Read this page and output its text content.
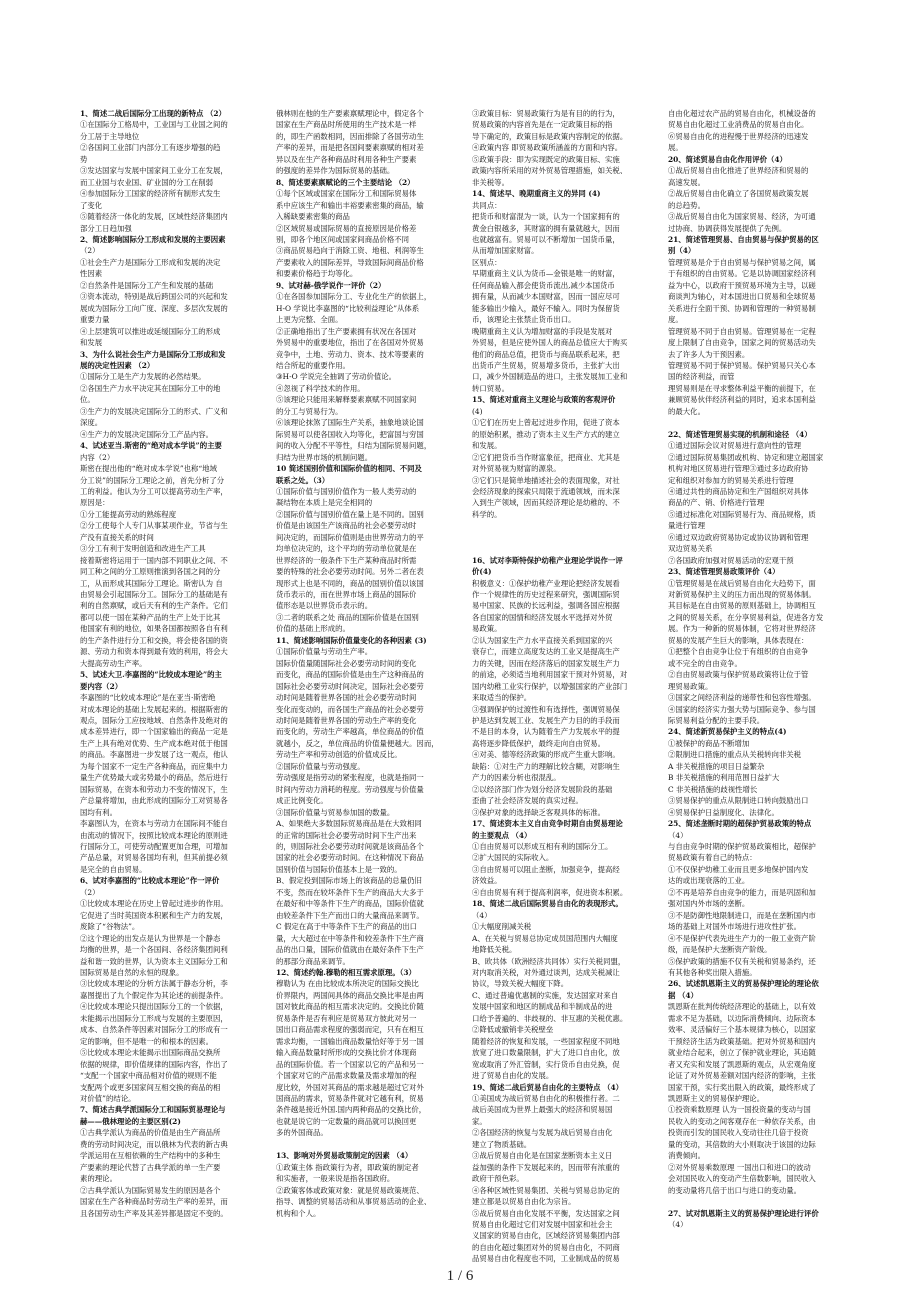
1、简述二战后国际分工出现的新特点 （2）
①在国际分工格局中，工业国与工业国之间的
分工居于主导地位
②各国间工业部门内部分工有逐步增强的趋
势
③发达国家与发展中国家间工业分工在发展，
而工业国与农业国、矿业国的分工在削弱
④参加国际分工国家的经济所有制形式发生
了变化
⑤随着经济一体化的发展，区域性经济集团内
部分工日趋加强
2、简述影响国际分工形成和发展的主要因素
（2）
①社会生产力是国际分工形成和发展的决定
性因素
②自然条件是国际分工产生和发展的基础
③资本流动，特别是战后跨国公司的兴起和发
展成为国际分工向广度、深度、多层次发展的
重要力量
④上层建筑可以推进或延缓国际分工的形成
和发展
3、为什么说社会生产力是国际分工形成和发
展的决定性因素 （2）
①国际分工是生产力发展的必然结果。
②各国生产力水平决定其在国际分工中的地
位。
③生产力的发展决定国际分工的形式、广义和
深度。
④生产力的发展决定国际分工产品内容。
4、试述亚当.斯密的“绝对成本学说”的主要
内容（2）
斯密在提出他的“绝对成本学说”也称“地域
分工说”的国际分工理论之前，首先分析了分
工的利益。他认为分工可以提高劳动生产率，
原因是：
①分工能提高劳动的熟练程度
②分工使每个人专门从事某项作业，节省与生
产没有直接关系的时间
③分工有利于发明创造和改进生产工具
接着斯密将运用于一国内部不同职业之间、不
同工种之间的分工原则推演到各国之间的分
工，从而形成其国际分工理论。斯密认为 自
由贸易会引起国际分工。国际分工的基础是有
利的自然禀赋，或后天有利的生产条件。它们
都可以使一国在某种产品的生产上处于比其
他国家有利的地位，如果各国都按照各自有利
的生产条件进行分工和交换，将会使各国的资
源、劳动力和资本得到最有效的利用，将会大
大提高劳动生产率。
5、试述大卫.李嘉图的“比较成本理论”的主
要内容（2）
李嘉图的“比较成本理论”是在亚当·斯密绝
对成本理论的基础上发展起来的。根据斯密的
观点，国际分工应按地域、自然条件及绝对的
成本差异进行，即一个国家输出的商品一定是
生产上具有绝对优势、生产成本绝对低于他国
的商品。李嘉图进一步发展了这一观点，他认
为每个国家不一定生产各种商品，而应集中力
量生产优势最大或劣势最小的商品，然后进行
国际贸易，在资本和劳动力不变的情况下，生
产总量将增加，由此形成的国际分工对贸易各
国均有利。
李嘉图认为，在资本与劳动力在国际间不能自
由流动的情况下，按照比较成本理论的原则进
行国际分工，可使劳动配置更加合理，可增加
产品总量，对贸易各国均有利，但其前提必须
是完全的自由贸易。
6、试对李嘉图的“比较成本理论”作一评价
（2）
①比较成本理论在历史上曾起过进步的作用。
它促进了当时英国资本积累和生产力的发展，
废除了“谷物法”。
②这个理论的出发点是认为世界是一个静态
均衡的世界，是一个各国间、各经济集团间利
益和谐一致的世界，认为资本主义国际分工和
国际贸易是自然的永恒的现象。
③比较成本理论的分析方法属于静态分析，李
嘉图提出了九个假定作为其论述的前提条件。
④比较成本理论只提出国际分工的一个依据，
未能揭示出国际分工形成与发展的主要原因，
成本、自然条件等因素对国际分工的形成有一
定的影响，但不是唯一的和根本的因素。
⑤比较成本理论未能揭示出国际商品交换所
依据的规律，即价值规律的国际内容，作出了
“支配一个国家中商品相对价值的规则不能
支配两个或更多国家间互相交换的商品的相
对价值”的结论。
7、简述古典学派国际分工和国际贸易理论与
赫——俄林理论的主要区别(2)
①古典学派认为商品的价值是由生产商品所
费的劳动时间决定，而以俄林为代表的新古典
学派运用在互相依赖的生产结构中的多种生
产要素的理论代替了古典学派的单一生产要
素的理论。
②古典学派认为国际贸易发生的原因是各个
国家在生产各种商品时劳动生产率的差异，而
且各国劳动生产率及其差异都是固定不变的。
俄林则在他的生产要素禀赋理论中，假定各个
国家在生产商品时所使用的生产技术是一样
的，即生产函数相同，因而排除了各国劳动生
产率的差异，而是把各国间要素禀赋的相对差
异以及在生产各种商品时利用各种生产要素
的强度的差异作为国际贸易的基础。
8、简述要素禀赋论的三个主要结论 （2）
①每个区域或国家在国际分工和国际贸易体
系中应该生产和输出丰裕要素密集的商品，输
入稀缺要素密集的商品
②区域贸易或国际贸易的直接原因是价格差
别，即各个地区间或国家间商品价格不同
③商品贸易趋向于消除工资、地租、利润等生
产要素收入的国际差异，导致国际间商品价格
和要素价格趋于均等化。
9、试对赫-俄学说作一评价（2）
①在各国参加国际分工、专业化生产的依据上，
H-O 学说比李嘉图的“比较利益理论”从体系
上更为完整、全面。
②正确地指出了生产要素拥有状况在各国对
外贸易中的重要地位，指出了在各国对外贸易
竞争中，土地、劳动力、资本、技术等要素的
结合所起的重要作用。
③H-O 学说完全抽调了劳动价值论。
④忽视了科学技术的作用。
⑤该理论只能用来解释要素禀赋不同国家间
的分工与贸易行为。
⑥该理论抹煞了国际生产关系，抽象地谈论国
际贸易可以使各国收入均等化，把富国与穷国
间的收入分配不平等性，归结为国际贸易问题，
归结为世界市场的机制问题。
10 简述国别价值和国际价值的相同、不同及
联系之处。（3）
①国际价值与国别价值作为一般人类劳动的
凝结物在本质上是完全相同的
②国际价值与国别价值在量上是不同的。国别
价值是由该国生产该商品的社会必要劳动时
间决定的，而国际价值则是由世界劳动力的平
均单位决定的，这个平均的劳动单位就是在
世界经济的一般条件下生产某种商品时所需
要的特殊的社会必要劳动时间。另外二者在表
现形式上也是不同的，商品的国别价值以该国
货币表示的，而在世界市场上商品的国际价
值形态是以世界货币表示的。
③二者的联系之处 商品的国际价值是在国别
价值的基础上形成的。
11、简述影响国际价值量变化的各种因素 (3)
①国际价值量与劳动生产率。
国际价值量随国际社会必要劳动时间的变化
而变化，商品的国际价值是由生产这种商品的
国际社会必要劳动时间决定，国际社会必要劳
动时间是随着世界各国的社会必要劳动时间
变化而变动的，而各国生产商品的社会必要劳
动时间是随着世界各国的劳动生产率的变化
而变化的，劳动生产率越高，单位商品的价值
就越小，反之，单位商品的价值量便越大。因而，
劳动生产率和劳动创造的价值成反比。
②国际价值量与劳动强度。
劳动强度是指劳动的紧张程度，也就是指同一
时间内劳动力消耗的程度。劳动强度与价值量
成正比例变化。
③国际价值量与贸易参加国的数量。
A、如果绝大多数国际贸易商品是在大致相同
的正常的国际社会必要劳动时间下生产出来
的，则国际社会必要劳动时间就是该商品各个
国家的社会必要劳动时间。在这种情况下商品
国别价值与国际价值基本上是一致的。
B、假定投到国际市场上的该商品的总量仍旧
不变，然而在较坏条件下生产的商品大大多于
在最好和中等条件下生产的商品，国际价值就
由较差条件下生产而出口的大量商品来调节。
C 假定在高于中等条件下生产的商品的出口
量，大大超过在中等条件和较差条件下生产商
品的出口量，国际价值就由在最好条件下生产
的那部分商品来调节。
12、简述约翰.穆勒的相互需求原理。（3）
穆勒认为 在由比较成本所决定的国际交换比
价界限内，两国间具体的商品交换比率是由两
国对彼此商品的相互需求决定的。交换比价随
贸易条件是否有利应是贸易双方彼此对另一
国出口商品需求程度的强弱而定，只有在相互
需求均衡，一国输出商品数量恰好等于另一国
输入商品数量时所形成的交换比价才体现商
品的国际价值。若一个国家以它的产品和另一
个国家对它的产品需求数量及需求增加的程
度比较，外国对其商品的需求越是超过它对外
国商品的需求，贸易条件就对它越有利，贸易
条件越是接近外国.国内两种商品的交换比价，
也就是说它的一定数量的商品就可以换回更
多的外国商品。

13、影响对外贸易政策制定的因素 （4）
①政策主体 指政策行为者，即政策的制定者
和实施者，一般来说是指各国政府。
②政策客体或政策对象：就是贸易政策规范、
指导、调整的贸易活动和从事贸易活动的企业、
机构和个人。
③政策目标：贸易政策行为是有目的的行为，
贸易政策的内容首先是在一定政策目标的指
导下确定的，政策目标是政策内容制定的依据。
④政策内容 即贸易政策所涵盖的方面和内容。
⑤政策手段：即为实现既定的政策目标、实施
政策内容所采用的对外贸易管理措施，如关税、
非关税等。
14、简述早、晚期重商主义的异同 (4)
共同点：
把货币和财富混为一谈，认为一个国家拥有的
黄金白银越多，其财富的拥有量就越大，因而
也就越富有。贸易可以不断增加一国货币量，
从而增加国家财富。
区别点：
早期重商主义认为货币—金银是唯一的财富，
任何商品输入都会使货币流出,减少本国货币
拥有量，从而减少本国财富，因而一国应尽可
能多输出少输入，最好不输入。同时为保留货
币，该理论主张禁止货币出口。
晚期重商主义认为增加财富的手段是发展对
外贸易，但是应使外国人的商品总值应大于购买
他们的商品总值，把货币与商品联系起来，把
出货币产生贸易，贸易增多货币，主张扩大出
口，减少外国制造品的进口，主张发展加工业和
转口贸易。
15、简述对重商主义理论与政策的客观评价
(4)
①它们在历史上曾起过进步作用，促进了资本
的原始积累，推动了资本主义生产方式的建立
和发展。
②它们把货币当作财富象征，把商业、尤其是
对外贸易视为财富的源泉。
③它们只是简单地描述社会的表面现象，对社
会经济现象的探索只局限于流通领域，而未深
入到生产领域，因而其经济理论是幼稚的、不
科学的。

16、试对李斯特保护幼稚产业理论学说作一评
价(4)
积极意义：①保护幼稚产业理论把经济发展看
作一个规律性的历史过程来研究，强调国际贸
易中国家、民族的长远利益，强调各国应根据
各自国家的国情和经济发展水平选择对外贸
易政策。
②认为国家生产力水平直接关系到国家的兴
衰存亡，而建立高度发达的工业又是提高生产
力的关键，因而在经济落后的国家发展生产力
的前途，必须适当地利用国家干预对外贸易，对
国内幼稚工业实行保护，以增强国家的产业部门
来取适当的保护。
③强调保护的过渡性和有选择性，强调贸易保
护是达到发展工业、发展生产力目的的手段而
不是目的本身，认为随着生产力发展水平的提
高将逐步降低保护，最终走向自由贸易。
④对美、德等经济政策的形成产生重大影响。
缺陷：①对生产力的理解比较含糊，对影响生
产力的因素分析也很混乱。
②以经济部门作为划分经济发展阶段的基础
歪曲了社会经济发展的真实过程。
③保护对象的选择缺乏客观具体的标准。
17、简述资本主义自由竞争时期自由贸易理论
的主要观点 （4）
①自由贸易可以形成互相有利的国际分工。
②扩大国民的实际收入。
③自由贸易可以阻止垄断，加强竞争，提高经
济效益。
④自由贸易有利于提高利润率，促进资本积累。
18、简述二战后国际贸易自由化的表现形式。
（4）
①大幅度削减关税
A、在关税与贸易总协定成员国范围内大幅度
地降低关税。
B、欧共体（欧洲经济共同体）实行关税同盟，
对内取消关税，对外通过谈判，达成关税减让
协议，导致关税大幅度下降。
C、通过普遍优惠制的实施，发达国家对来自
发展中国家和地区的制成品和半制成品的进
口给予普遍的、非歧视的、非互惠的关税优惠。
②降低或撤销非关税壁垒
随着经济的恢复和发展，一些国家程度不同地
放宽了进口数量限制，扩大了进口自由化，放
宽或取消了外汇管制，实行货币自由兑换，促
进了贸易自由化的发展。
19、简述二战后贸易自由化的主要特点 （4）
①美国成为战后贸易自由化的积极推行者。二
战后美国成为世界上最强大的经济和贸易国
家。
②各国经济的恢复与发展为战后贸易自由化
建立了物质基础。
③战后贸易自由化是在国家垄断资本主义日
益加强的条件下发展起来的，因而带有浓重的
政府干预色彩。
④各种区域性贸易集团、关税与贸易总协定的
建立都是以贸易自由化为宗旨。
⑤战后贸易自由化发展不平衡，发达国家之间
贸易自由化超过它们对发展中国家和社会主
义国家的贸易自由化，区域经济贸易集团内部
的自由化超过集团对外的贸易自由化，不同商
品贸易自由化程度也不同，工业制成品的贸易
自由化超过农产品的贸易自由化，机械设备的
贸易自由化超过工业消费品的贸易自由化。
⑥贸易自由化的进程慢于世界经济的迅速发
展。
20、简述贸易自由化作用评价（4）
①战后贸易自由化推进了世界经济和贸易的
高速发展。
②战后贸易自由化确立了各国贸易政策发展
的总趋势。
③战后贸易自由化为国家贸易、经济，为可通
过协商、协调获得发展提供了先例。
21、简述管理贸易、自由贸易与保护贸易的区
别（4）
管理贸易是介于自由贸易与保护贸易之间，属
于有组织的自由贸易。它是以协调国家经济利
益为中心，以政府干预贸易环境为主导，以磋
商谈判为轴心，对本国进出口贸易和全球贸易
关系进行全面干预、协调和管理的一种贸易制
度。
管理贸易不同于自由贸易。管理贸易在一定程
度上限制了自由竞争，国家之间的贸易活动失
去了许多人为干预因素。
管理贸易不同于保护贸易。保护贸易只关心本
国的经济利益，而管
理贸易则是在寻求整体利益平衡的前提下，在
兼顾贸易伙伴经济利益的同时，追求本国利益
的最大化。

22、简述管理贸易实现的机制和途径 （4）
①通过国际会议对贸易进行意向性的管理
②通过国际贸易集团或机构、协定和建立超国家
机构对地区贸易进行管理③通过多边政府协
定和组织对参加方的贸易关系进行管理
④通过共性的商品协定和生产国组织对具体
商品的产、销、价格进行管理
⑤通过标准化对国际贸易行为、商品规格，质
量进行管理
⑥通过双边政府贸易协定或协议协调和管理
双边贸易关系
⑦各国政府加强对贸易活动的宏观干预
23、简述管理贸易政策评价（4）
①管理贸易是在战后贸易自由化大趋势下，面
对新贸易保护主义的压力而出现的贸易体制。
其目标是在自由贸易的原则基础上，协调相互
之间的贸易关系，在分享贸易利益，促进各方发
展。作为一种新的贸易体制，它将对世界经济
贸易的发展产生巨大的影响，具体表现在：
①把整个自由竞争让位于有组织的自由竞争
或不完全的自由竞争。
②自由贸易政策与保护贸易政策将让位于管
理贸易政策。
③国家之间经济利益的递带性和包容性增强。
④国家的经济实力强大势与国际竞争、参与国
际贸易利益分配的主要手段。
24、简述新贸易保护主义的特点(4)
①被保护的商品不断增加
②限制进口措施的重点从关税转向非关税
A 非关税措施的项目日益繁杂
B 非关税措施的利用范围日益扩大
C 非关税措施的歧视性增长
③贸易保护的重点从限制进口转向鼓励出口
④贸易保护日益制度化、法律化。
25、简述垄断时期的超保护贸易政策的特点
（4）
与自由竞争时期的保护贸易政策相比，超保护
贸易政策有着自己的特点：
①不仅保护幼稚工业而且更多地保护国内发
达的或出现衰落的工业。
②不再是培养自由竞争的能力，而是巩固和加
强对国内外市场的垄断。
③不是防御性地限制进口，而是在垄断国内市
场的基础上对国外市场进行进攻性扩张。
④不是保护代表先进生产力的一般工业资产阶
级，而是保护大垄断资产阶级。
⑤保护政策的措施不仅有关税和贸易条约，还
有其他各种奖出限入措施。
26、试述凯恩斯主义的贸易保护理论的理论依
据 （4）
凯恩斯在批判传统经济理论的基础上，以有效
需求不足为基础，以边际消费倾向、边际资本
效率、灵活偏好三个基本规律为核心，以国家
干预经济生活为政策基础。把对外贸易和国内
就业结合起来，创立了保护就业理论，其追随
者又充实和发展了凯恩斯的观点，从宏观角度
论证了对外贸易差额对国内经济的影响，主张
国家干预，实行奖出限入的政策，最终形成了
凯恩斯主义的贸易保护理论。
①投资乘数原理 认为一国投资量的变动与国
民收入的变动之间客观存在一种依存关系，由
投资而引发的国民收入变动往往几倍于投资
量的变动，其倍数的大小则取决于该国的边际
消费倾向。
②对外贸易乘数原理 一国出口和进口的波动
会对国民收入的变动产生倍数影响，国民收入
的变动量将几倍于出口与进口的变动量。

27、试对凯恩斯主义的贸易保护理论进行评价
（4）
1 / 6
